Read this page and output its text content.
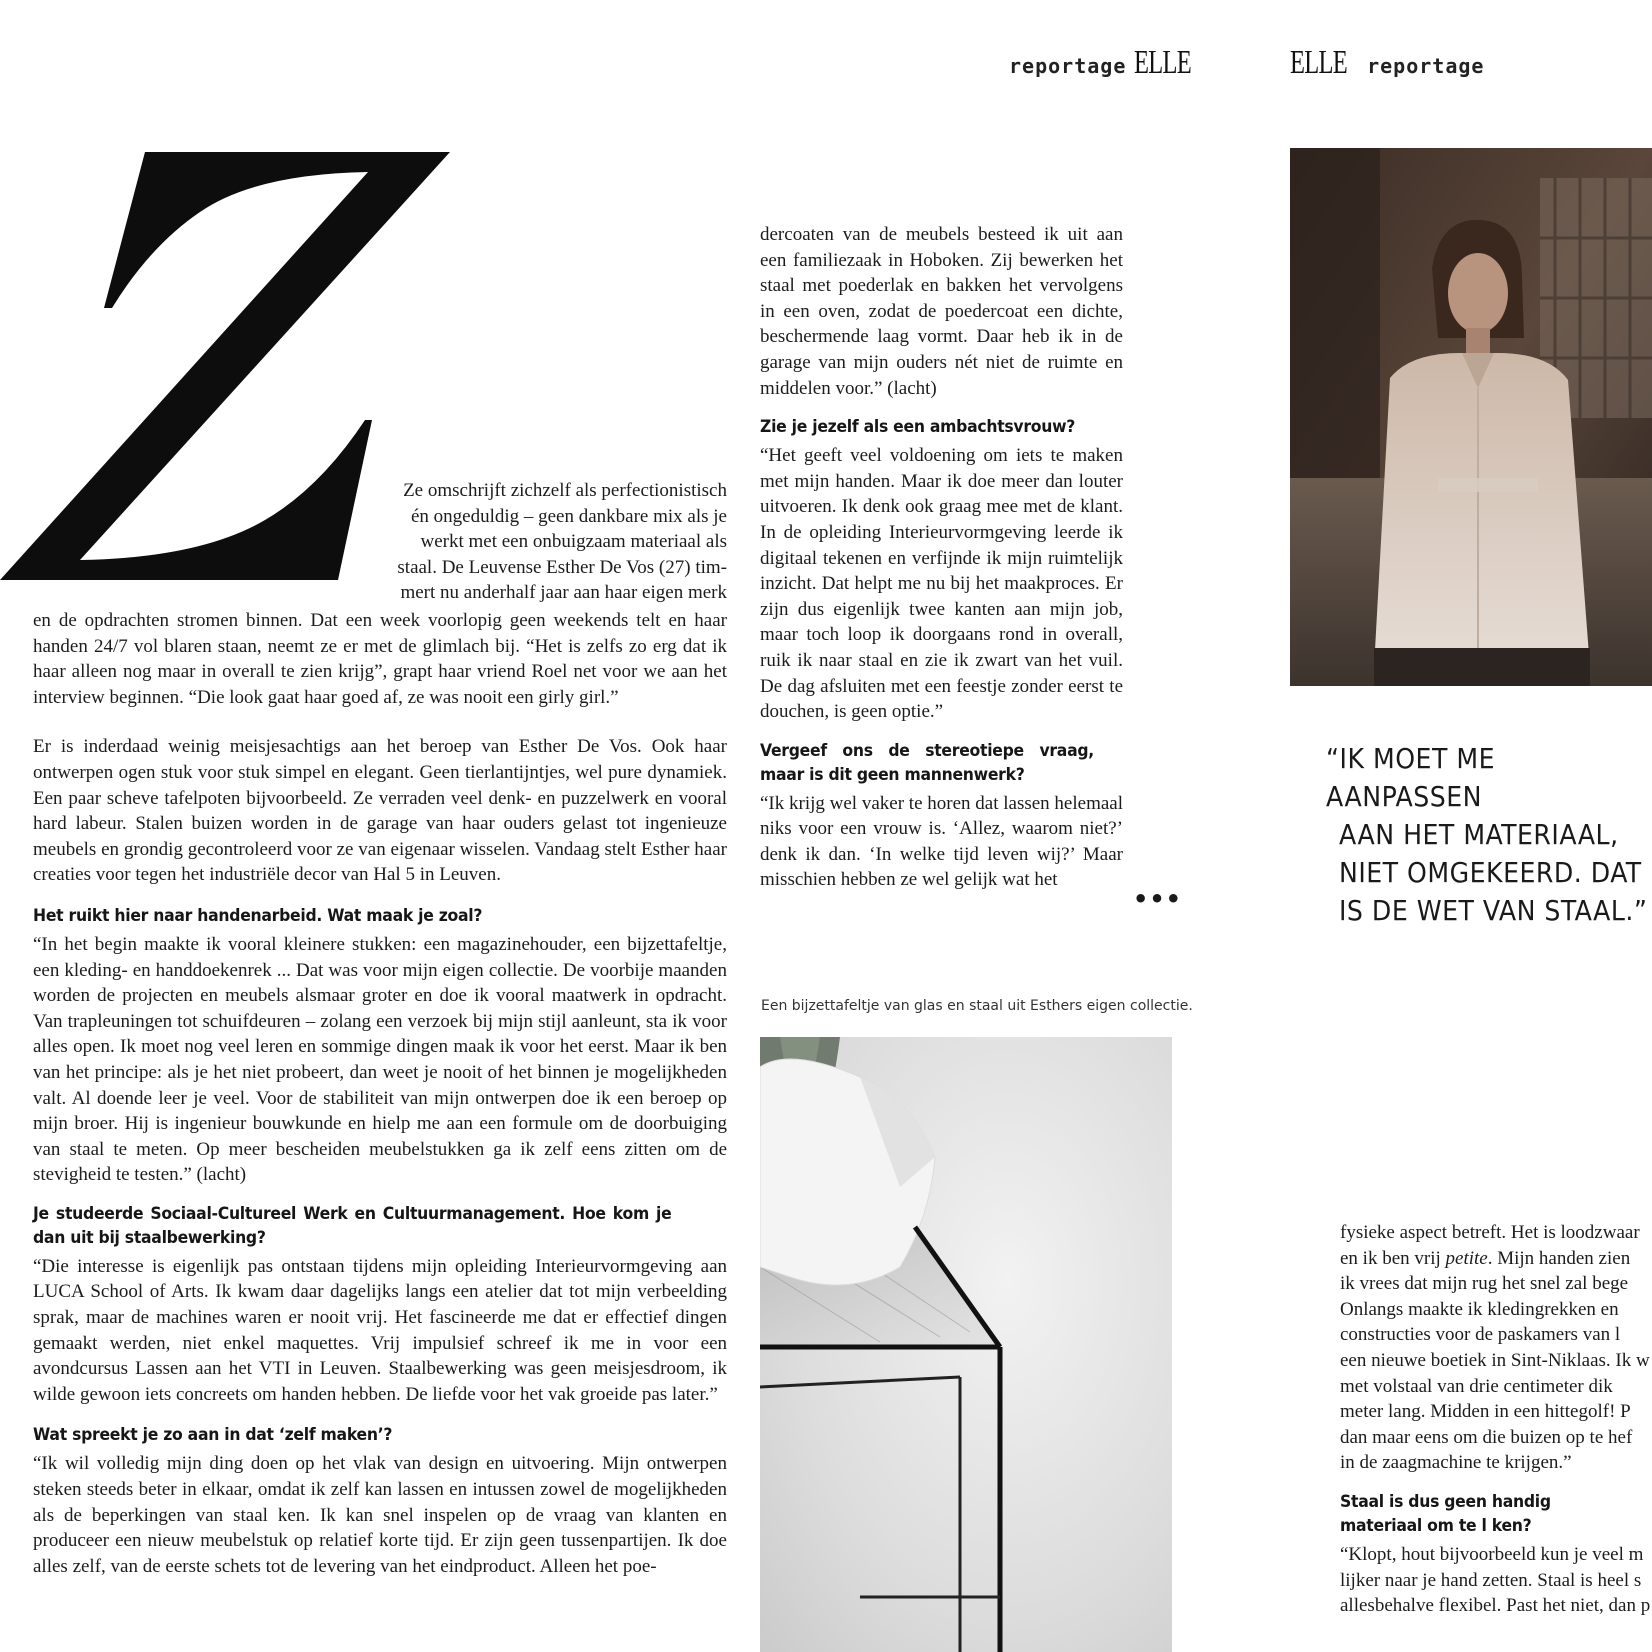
reportage ELLE	ELLE reportage
Ze omschrijft zichzelf als perfectionistisch
én ongeduldig – geen dankbare mix als je
werkt met een onbuigzaam materiaal als
staal. De Leuvense Esther De Vos (27) tim-
mert nu anderhalf jaar aan haar eigen merk

en de opdrachten stromen binnen. Dat een week voorlopig geen weekends telt en haar handen 24/7 vol blaren staan, neemt ze er met de glimlach bij. “Het is zelfs zo erg dat ik haar alleen nog maar in overall te zien krijg”, grapt haar vriend Roel net voor we aan het interview beginnen. “Die look gaat haar goed af, ze was nooit een girly girl.”

Er is inderdaad weinig meisjesachtigs aan het beroep van Esther De Vos. Ook haar ontwerpen ogen stuk voor stuk simpel en elegant. Geen tierlantijntjes, wel pure dynamiek. Een paar scheve tafelpoten bijvoorbeeld. Ze verraden veel denk- en puzzelwerk en vooral hard labeur. Stalen buizen worden in de garage van haar ouders gelast tot ingenieuze meubels en grondig gecontroleerd voor ze van eigenaar wisselen. Vandaag stelt Esther haar creaties voor tegen het industriële decor van Hal 5 in Leuven.

Het ruikt hier naar handenarbeid. Wat maak je zoal?

“In het begin maakte ik vooral kleinere stukken: een magazinehouder, een bijzettafeltje, een kleding- en handdoekenrek ... Dat was voor mijn eigen collectie. De voorbije maanden worden de projecten en meubels alsmaar groter en doe ik vooral maatwerk in opdracht. Van trapleuningen tot schuifdeuren – zolang een verzoek bij mijn stijl aanleunt, sta ik voor alles open. Ik moet nog veel leren en sommige dingen maak ik voor het eerst. Maar ik ben van het principe: als je het niet probeert, dan weet je nooit of het binnen je mogelijkheden valt. Al doende leer je veel. Voor de stabiliteit van mijn ontwerpen doe ik een beroep op mijn broer. Hij is ingenieur bouwkunde en hielp me aan een formule om de doorbuiging van staal te meten. Op meer bescheiden meubelstukken ga ik zelf eens zitten om de stevigheid te testen.” (lacht)

Je studeerde Sociaal-Cultureel Werk en Cultuurmanagement. Hoe kom je dan uit bij staalbewerking?

“Die interesse is eigenlijk pas ontstaan tijdens mijn opleiding Interieurvormgeving aan LUCA School of Arts. Ik kwam daar dagelijks langs een atelier dat tot mijn verbeelding sprak, maar de machines waren er nooit vrij. Het fascineerde me dat er effectief dingen gemaakt werden, niet enkel maquettes. Vrij impulsief schreef ik me in voor een avondcursus Lassen aan het VTI in Leuven. Staalbewerking was geen meisjesdroom, ik wilde gewoon iets concreets om handen hebben. De liefde voor het vak groeide pas later.”

Wat spreekt je zo aan in dat ‘zelf maken’?

“Ik wil volledig mijn ding doen op het vlak van design en uitvoering. Mijn ontwerpen steken steeds beter in elkaar, omdat ik zelf kan lassen en intussen zowel de mogelijkheden als de beperkingen van staal ken. Ik kan snel inspelen op de vraag van klanten en produceer een nieuw meubelstuk op relatief korte tijd. Er zijn geen tussenpartijen. Ik doe alles zelf, van de eerste schets tot de levering van het eindproduct. Alleen het poe-

dercoaten van de meubels besteed ik uit aan een familiezaak in Hoboken. Zij bewerken het staal met poederlak en bakken het vervolgens in een oven, zodat de poedercoat een dichte, beschermende laag vormt. Daar heb ik in de garage van mijn ouders nét niet de ruimte en middelen voor.” (lacht)

Zie je jezelf als een ambachtsvrouw?

“Het geeft veel voldoening om iets te maken met mijn handen. Maar ik doe meer dan louter uitvoeren. Ik denk ook graag mee met de klant. In de opleiding Interieurvormgeving leerde ik digitaal tekenen en verfijnde ik mijn ruimtelijk inzicht. Dat helpt me nu bij het maakproces. Er zijn dus eigenlijk twee kanten aan mijn job, maar toch loop ik doorgaans rond in overall, ruik ik naar staal en zie ik zwart van het vuil. De dag afsluiten met een feestje zonder eerst te douchen, is geen optie.”

Vergeef ons de stereotiepe vraag, maar is dit geen mannenwerk?

“Ik krijg wel vaker te horen dat lassen helemaal niks voor een vrouw is. ‘Allez, waarom niet?’ denk ik dan. ‘In welke tijd leven wij?’ Maar misschien hebben ze wel gelijk wat het

•••
“IK MOET ME AANPASSEN
AAN HET MATERIAAL,
NIET OMGEKEERD. DAT
IS DE WET VAN STAAL.”
Een bijzettafeltje van glas en staal uit Esthers eigen collectie.
fysieke aspect betreft. Het is loodzwaar
en ik ben vrij petite. Mijn handen zien
ik vrees dat mijn rug het snel zal bege
Onlangs maakte ik kledingrekken en
constructies voor de paskamers van l
een nieuwe boetiek in Sint-Niklaas. Ik w
met volstaal van drie centimeter dik
meter lang. Midden in een hittegolf! P
dan maar eens om die buizen op te hef
in de zaagmachine te krijgen.”
Staal is dus geen handig materiaal om te l ken?
“Klopt, hout bijvoorbeeld kun je veel m
lijker naar je hand zetten. Staal is heel s
allesbehalve flexibel. Past het niet, dan p
